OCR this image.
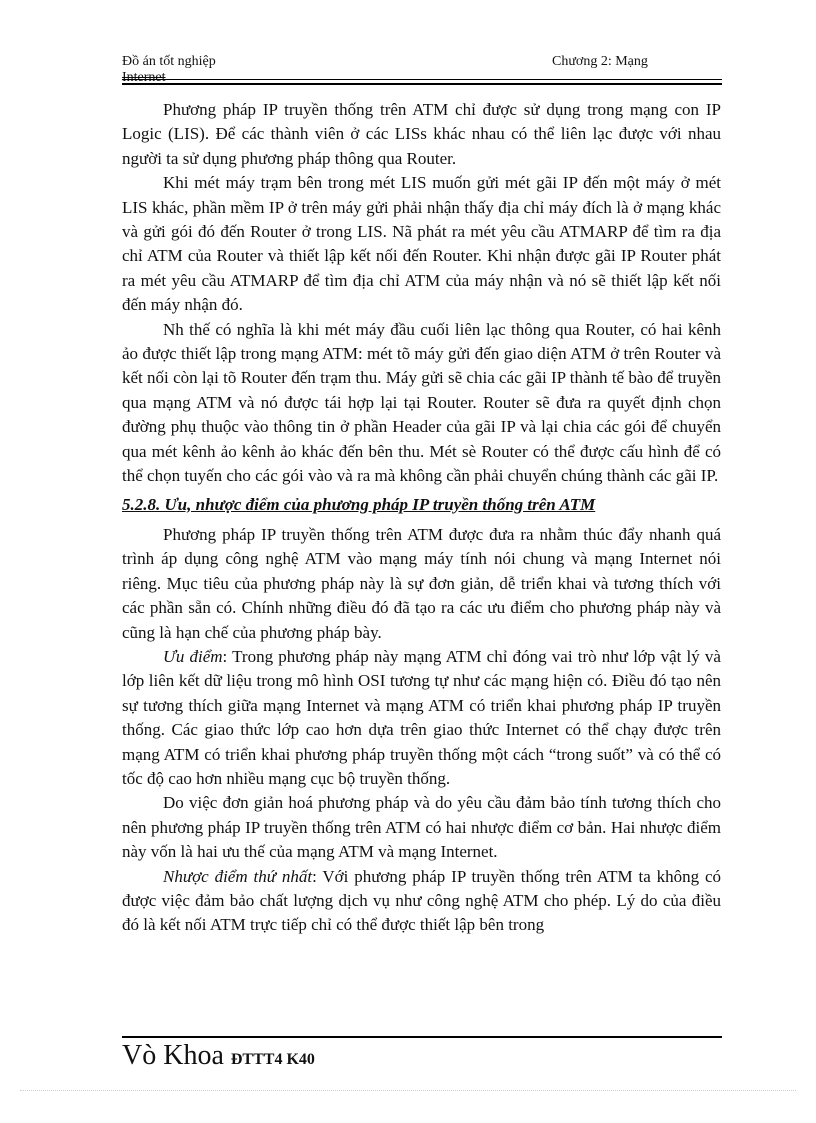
Đồ án tốt nghiệp
Internet
Chương 2: Mạng

Phương pháp IP truyền thống trên ATM chỉ được sử dụng trong mạng con IP Logic (LIS). Để các thành viên ở các LISs khác nhau có thể liên lạc được với nhau người ta sử dụng phương pháp thông qua Router.

Khi mét máy trạm bên trong mét LIS muốn gửi mét gãi IP đến một máy ở mét LIS khác, phần mềm IP ở trên máy gửi phải nhận thấy địa chỉ máy đích là ở mạng khác và gửi gói đó đến Router ở trong LIS. Nã phát ra mét yêu cầu ATMARP để tìm ra địa chỉ ATM của Router và thiết lập kết nối đến Router. Khi nhận được gãi IP Router phát ra mét yêu cầu ATMARP để tìm địa chỉ ATM của máy nhận và nó sẽ thiết lập kết nối đến máy nhận đó.

Nh thế có nghĩa là khi mét máy đầu cuối liên lạc thông qua Router, có hai kênh ảo được thiết lập trong mạng ATM: mét tõ máy gửi đến giao diện ATM ở trên Router và kết nối còn lại tõ Router đến trạm thu. Máy gửi sẽ chia các gãi IP thành tế bào để truyền qua mạng ATM và nó được tái hợp lại tại Router. Router sẽ đưa ra quyết định chọn đường phụ thuộc vào thông tin ở phần Header của gãi IP và lại chia các gói để chuyển qua mét kênh ảo kênh ảo khác đến bên thu. Mét sè Router có thể được cấu hình để có thể chọn tuyến cho các gói vào và ra mà không cần phải chuyển chúng thành các gãi IP.

5.2.8. Ưu, nhược điểm của phương pháp IP truyền thống trên ATM

Phương pháp IP truyền thống trên ATM được đưa ra nhằm thúc đẩy nhanh quá trình áp dụng công nghệ ATM vào mạng máy tính nói chung và mạng Internet nói riêng. Mục tiêu của phương pháp này là sự đơn giản, dễ triển khai và tương thích với các phần sẵn có. Chính những điều đó đã tạo ra các ưu điểm cho phương pháp này và cũng là hạn chế của phương pháp bày.

Ưu điểm: Trong phương pháp này mạng ATM chỉ đóng vai trò như lớp vật lý và lớp liên kết dữ liệu trong mô hình OSI tương tự như các mạng hiện có. Điều đó tạo nên sự tương thích giữa mạng Internet và mạng ATM có triển khai phương pháp IP truyền thống. Các giao thức lớp cao hơn dựa trên giao thức Internet có thể chạy được trên mạng ATM có triển khai phương pháp truyền thống một cách “trong suốt” và có thể có tốc độ cao hơn nhiều mạng cục bộ truyền thống.

Do việc đơn giản hoá phương pháp và do yêu cầu đảm bảo tính tương thích cho nên phương pháp IP truyền thống trên ATM có hai nhược điểm cơ bản. Hai nhược điểm này vốn là hai ưu thế của mạng ATM và mạng Internet.

Nhược điểm thứ nhất: Với phương pháp IP truyền thống trên ATM ta không có được việc đảm bảo chất lượng dịch vụ như công nghệ ATM cho phép. Lý do của điều đó là kết nối ATM trực tiếp chỉ có thể được thiết lập bên trong

Vò Khoa ĐTTT4 K40
